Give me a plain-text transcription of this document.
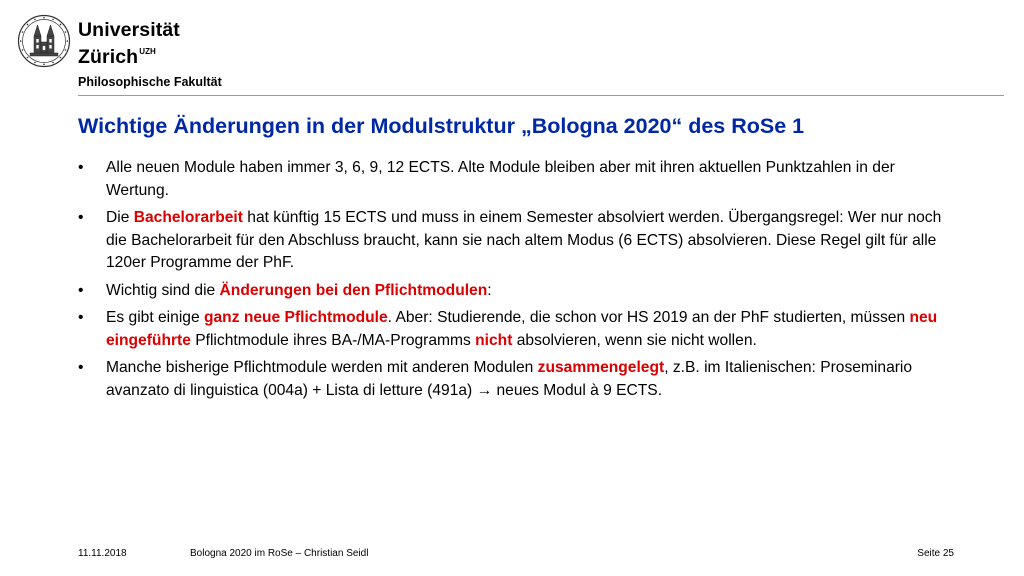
Universität
Zürich$^{UZH}$
Philosophische Fakultät
Wichtige Änderungen in der Modulstruktur „Bologna 2020“ des RoSe 1
• Alle neuen Module haben immer 3, 6, 9, 12 ECTS. Alte Module bleiben aber mit ihren aktuellen Punktzahlen in der Wertung.
• Die Bachelorarbeit hat künftig 15 ECTS und muss in einem Semester absolviert werden. Übergangsregel: Wer nur noch die Bachelorarbeit für den Abschluss braucht, kann sie nach altem Modus (6 ECTS) absolvieren. Diese Regel gilt für alle 120er Programme der PhF.
• Wichtig sind die Änderungen bei den Pflichtmodulen:
• Es gibt einige ganz neue Pflichtmodule. Aber: Studierende, die schon vor HS 2019 an der PhF studierten, müssen neu eingeführte Pflichtmodule ihres BA-/MA-Programms nicht absolvieren, wenn sie nicht wollen.
• Manche bisherige Pflichtmodule werden mit anderen Modulen zusammengelegt, z.B. im Italienischen: Proseminario avanzato di linguistica (004a) + Lista di letture (491a) → neues Modul à 9 ECTS.
11.11.2018	Bologna 2020 im RoSe – Christian Seidl	Seite 25
